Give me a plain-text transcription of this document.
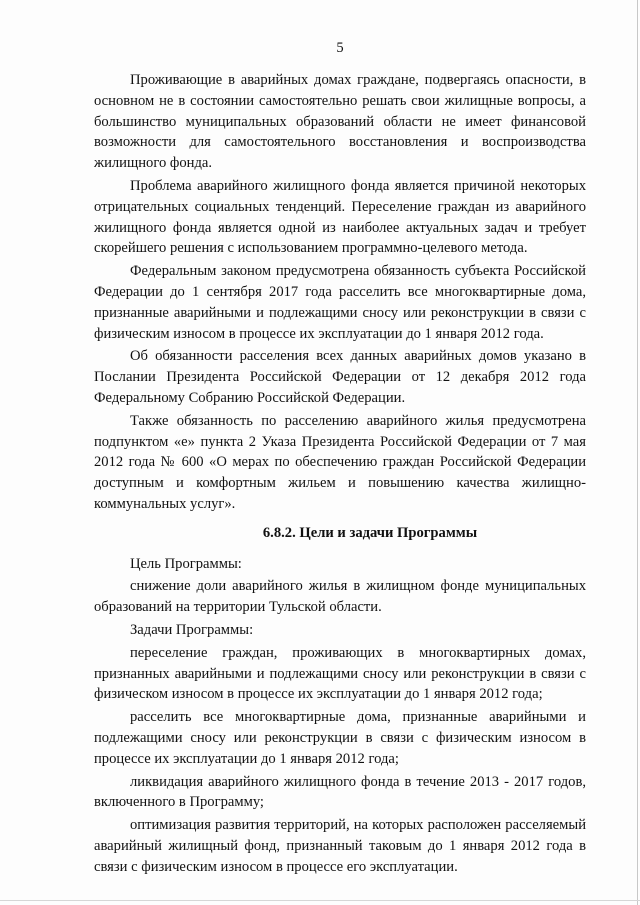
5

Проживающие в аварийных домах граждане, подвергаясь опасности, в основном не в состоянии самостоятельно решать свои жилищные вопросы, а большинство муниципальных образований области не имеет финансовой возможности для самостоятельного восстановления и воспроизводства жилищного фонда.

Проблема аварийного жилищного фонда является причиной некоторых отрицательных социальных тенденций. Переселение граждан из аварийного жилищного фонда является одной из наиболее актуальных задач и требует скорейшего решения с использованием программно-целевого метода.

Федеральным законом предусмотрена обязанность субъекта Российской Федерации до 1 сентября 2017 года расселить все многоквартирные дома, признанные аварийными и подлежащими сносу или реконструкции в связи с физическим износом в процессе их эксплуатации до 1 января 2012 года.

Об обязанности расселения всех данных аварийных домов указано в Послании Президента Российской Федерации от 12 декабря 2012 года Федеральному Собранию Российской Федерации.

Также обязанность по расселению аварийного жилья предусмотрена подпунктом «е» пункта 2 Указа Президента Российской Федерации от 7 мая 2012 года № 600 «О мерах по обеспечению граждан Российской Федерации доступным и комфортным жильем и повышению качества жилищно-коммунальных услуг».

6.8.2. Цели и задачи Программы

Цель Программы:

снижение доли аварийного жилья в жилищном фонде муниципальных образований на территории Тульской области.

Задачи Программы:

переселение граждан, проживающих в многоквартирных домах, признанных аварийными и подлежащими сносу или реконструкции в связи с физическом износом в процессе их эксплуатации до 1 января 2012 года;

расселить все многоквартирные дома, признанные аварийными и подлежащими сносу или реконструкции в связи с физическим износом в процессе их эксплуатации до 1 января 2012 года;

ликвидация аварийного жилищного фонда в течение 2013 - 2017 годов, включенного в Программу;

оптимизация развития территорий, на которых расположен расселяемый аварийный жилищный фонд, признанный таковым до 1 января 2012 года в связи с физическим износом в процессе его эксплуатации.
